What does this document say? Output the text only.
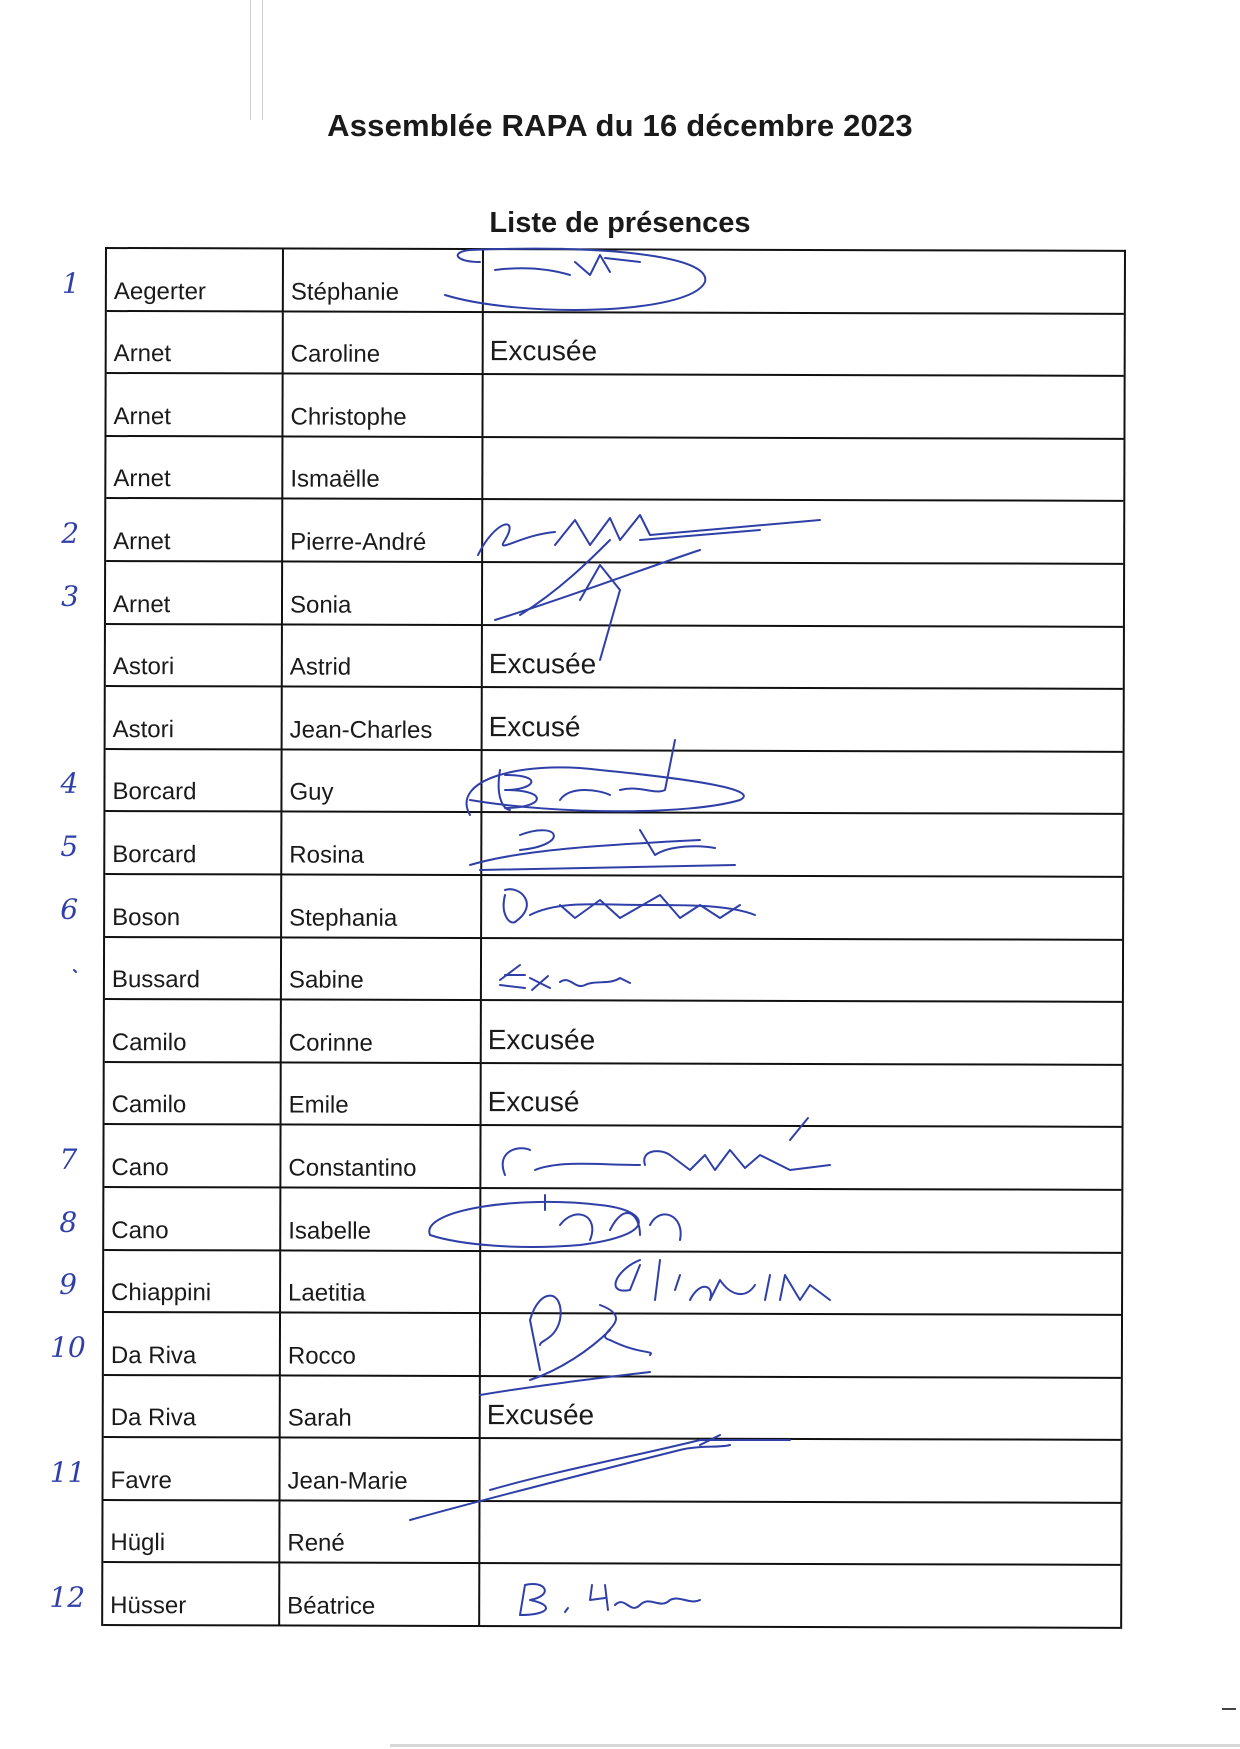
Assemblée RAPA du 16 décembre 2023
Liste de présences
1	Aegerter	Stéphanie
Arnet	Caroline	Excusée
Arnet	Christophe
Arnet	Ismaëlle
2	Arnet	Pierre-André
3	Arnet	Sonia
Astori	Astrid	Excusée
Astori	Jean-Charles	Excusé
4	Borcard	Guy
5	Borcard	Rosina
6	Boson	Stephania
Bussard	Sabine
Camilo	Corinne	Excusée
Camilo	Emile	Excusé
7	Cano	Constantino
8	Cano	Isabelle
9	Chiappini	Laetitia
10 Da Riva	Rocco
Da Riva	Sarah	Excusée
11 Favre	Jean-Marie
Hügli	René
12 Hüsser	Béatrice
